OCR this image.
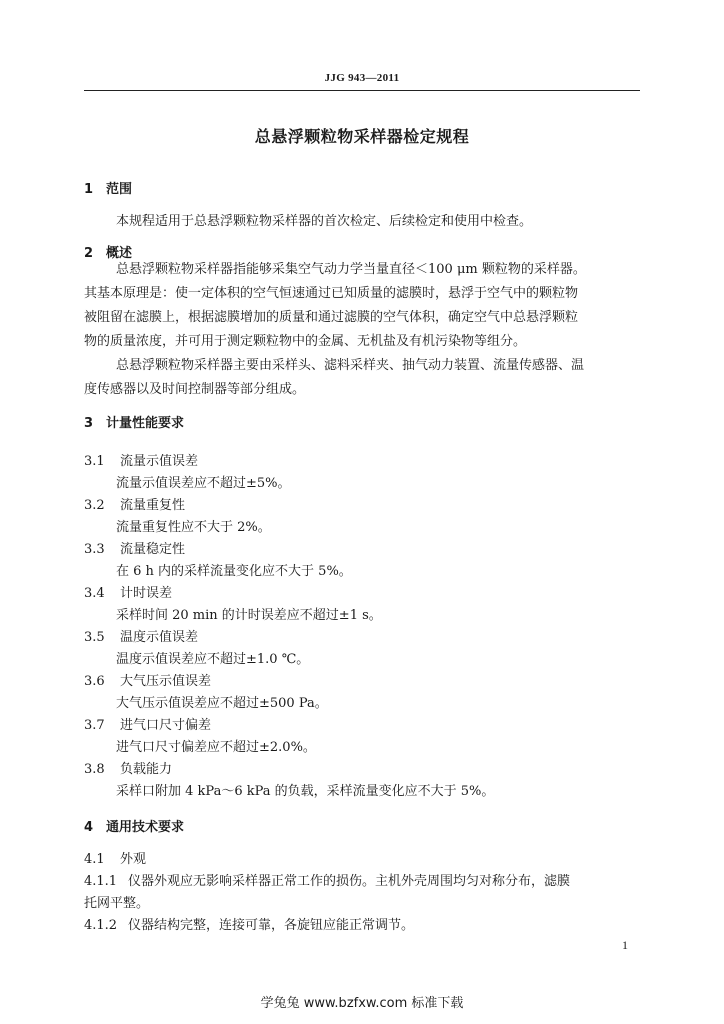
JJG 943—2011
总悬浮颗粒物采样器检定规程
1 范围
本规程适用于总悬浮颗粒物采样器的首次检定、后续检定和使用中检查。
2 概述
总悬浮颗粒物采样器指能够采集空气动力学当量直径＜100 μm 颗粒物的采样器。
其基本原理是：使一定体积的空气恒速通过已知质量的滤膜时，悬浮于空气中的颗粒物
被阻留在滤膜上，根据滤膜增加的质量和通过滤膜的空气体积，确定空气中总悬浮颗粒
物的质量浓度，并可用于测定颗粒物中的金属、无机盐及有机污染物等组分。
总悬浮颗粒物采样器主要由采样头、滤料采样夹、抽气动力装置、流量传感器、温
度传感器以及时间控制器等部分组成。
3 计量性能要求
3.1 流量示值误差
流量示值误差应不超过±5%。
3.2 流量重复性
流量重复性应不大于 2%。
3.3 流量稳定性
在 6 h 内的采样流量变化应不大于 5%。
3.4 计时误差
采样时间 20 min 的计时误差应不超过±1 s。
3.5 温度示值误差
温度示值误差应不超过±1.0 ℃。
3.6 大气压示值误差
大气压示值误差应不超过±500 Pa。
3.7 进气口尺寸偏差
进气口尺寸偏差应不超过±2.0%。
3.8 负载能力
采样口附加 4 kPa～6 kPa 的负载，采样流量变化应不大于 5%。
4 通用技术要求
4.1 外观
4.1.1 仪器外观应无影响采样器正常工作的损伤。主机外壳周围均匀对称分布，滤膜
托网平整。
4.1.2 仪器结构完整，连接可靠，各旋钮应能正常调节。
1
学兔兔 www.bzfxw.com 标准下载
